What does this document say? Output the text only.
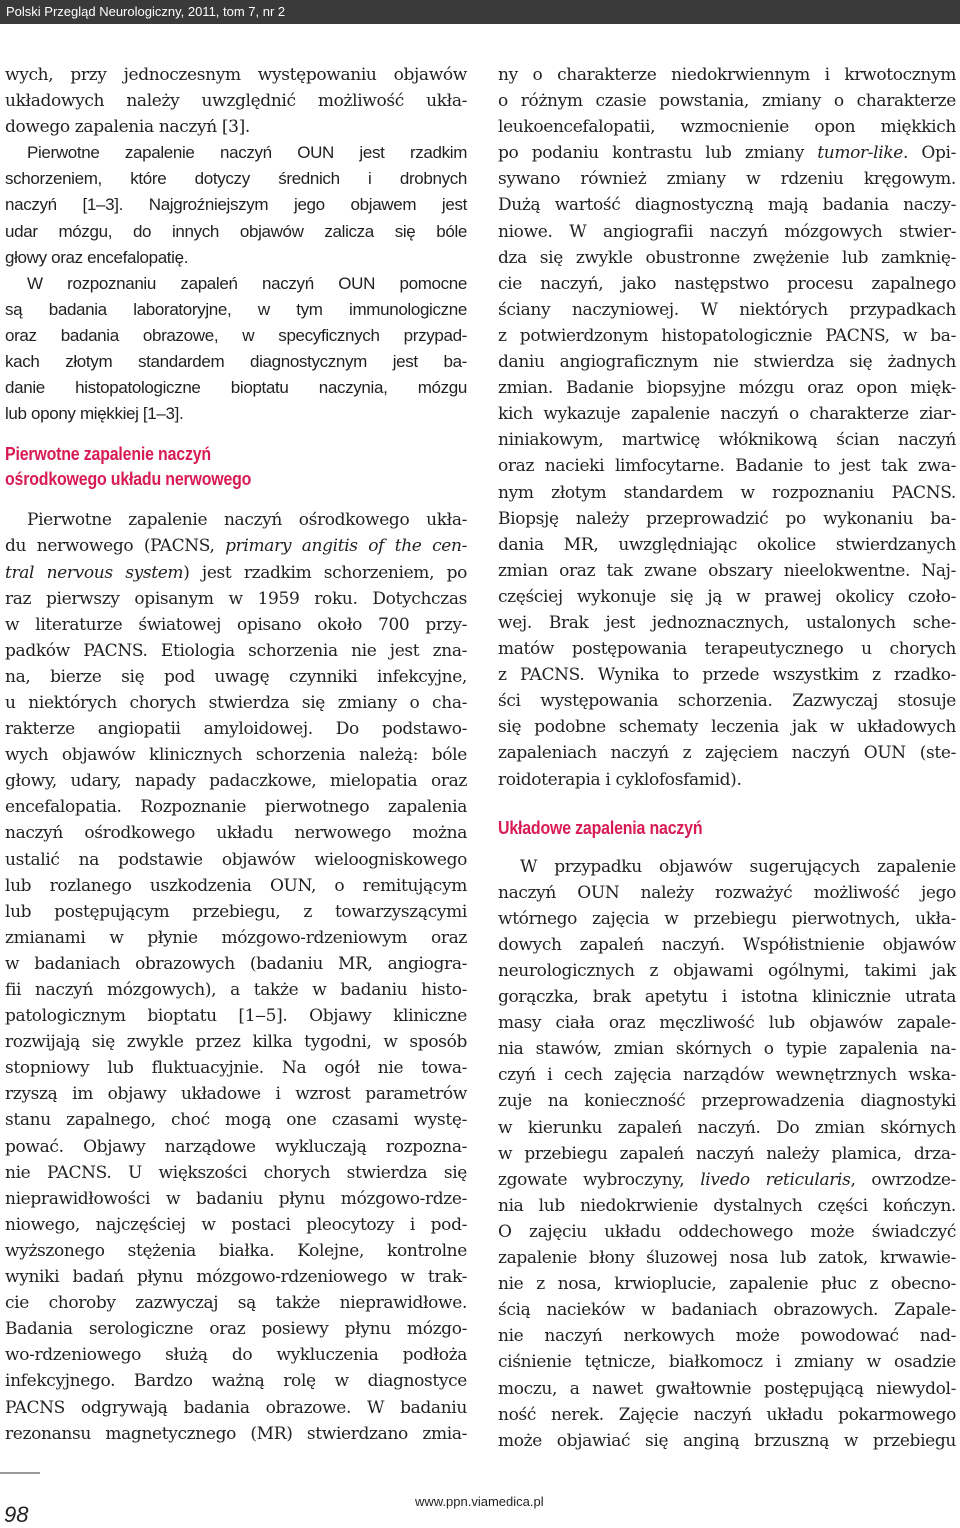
Polski Przegląd Neurologiczny, 2011, tom 7, nr 2
wych, przy jednoczesnym występowaniu objawów
układowych należy uwzględnić możliwość ukła-
dowego zapalenia naczyń [3].
Pierwotne zapalenie naczyń OUN jest rzadkim
schorzeniem, które dotyczy średnich i drobnych
naczyń [1‒3]. Najgroźniejszym jego objawem jest
udar mózgu, do innych objawów zalicza się bóle
głowy oraz encefalopatię.
W rozpoznaniu zapaleń naczyń OUN pomocne
są badania laboratoryjne, w tym immunologiczne
oraz badania obrazowe, w specyficznych przypad-
kach złotym standardem diagnostycznym jest ba-
danie histopatologiczne bioptatu naczynia, mózgu
lub opony miękkiej [1‒3].
Pierwotne zapalenie naczyń
ośrodkowego układu nerwowego
Pierwotne zapalenie naczyń ośrodkowego ukła-
du nerwowego (PACNS, primary angitis of the cen-
tral nervous system) jest rzadkim schorzeniem, po
raz pierwszy opisanym w 1959 roku. Dotychczas
w literaturze światowej opisano około 700 przy-
padków PACNS. Etiologia schorzenia nie jest zna-
na, bierze się pod uwagę czynniki infekcyjne,
u niektórych chorych stwierdza się zmiany o cha-
rakterze angiopatii amyloidowej. Do podstawo-
wych objawów klinicznych schorzenia należą: bóle
głowy, udary, napady padaczkowe, mielopatia oraz
encefalopatia. Rozpoznanie pierwotnego zapalenia
naczyń ośrodkowego układu nerwowego można
ustalić na podstawie objawów wieloogniskowego
lub rozlanego uszkodzenia OUN, o remitującym
lub postępującym przebiegu, z towarzyszącymi
zmianami w płynie mózgowo-rdzeniowym oraz
w badaniach obrazowych (badaniu MR, angiogra-
fii naczyń mózgowych), a także w badaniu histo-
patologicznym bioptatu [1‒5]. Objawy kliniczne
rozwijają się zwykle przez kilka tygodni, w sposób
stopniowy lub fluktuacyjnie. Na ogół nie towa-
rzyszą im objawy układowe i wzrost parametrów
stanu zapalnego, choć mogą one czasami wystę-
pować. Objawy narządowe wykluczają rozpozna-
nie PACNS. U większości chorych stwierdza się
nieprawidłowości w badaniu płynu mózgowo-rdze-
niowego, najczęściej w postaci pleocytozy i pod-
wyższonego stężenia białka. Kolejne, kontrolne
wyniki badań płynu mózgowo-rdzeniowego w trak-
cie choroby zazwyczaj są także nieprawidłowe.
Badania serologiczne oraz posiewy płynu mózgo-
wo-rdzeniowego służą do wykluczenia podłoża
infekcyjnego. Bardzo ważną rolę w diagnostyce
PACNS odgrywają badania obrazowe. W badaniu
rezonansu magnetycznego (MR) stwierdzano zmia-
ny o charakterze niedokrwiennym i krwotocznym
o różnym czasie powstania, zmiany o charakterze
leukoencefalopatii, wzmocnienie opon miękkich
po podaniu kontrastu lub zmiany tumor-like. Opi-
sywano również zmiany w rdzeniu kręgowym.
Dużą wartość diagnostyczną mają badania naczy-
niowe. W angiografii naczyń mózgowych stwier-
dza się zwykle obustronne zwężenie lub zamknię-
cie naczyń, jako następstwo procesu zapalnego
ściany naczyniowej. W niektórych przypadkach
z potwierdzonym histopatologicznie PACNS, w ba-
daniu angiograficznym nie stwierdza się żadnych
zmian. Badanie biopsyjne mózgu oraz opon mięk-
kich wykazuje zapalenie naczyń o charakterze ziar-
niniakowym, martwicę włóknikową ścian naczyń
oraz nacieki limfocytarne. Badanie to jest tak zwa-
nym złotym standardem w rozpoznaniu PACNS.
Biopsję należy przeprowadzić po wykonaniu ba-
dania MR, uwzględniając okolice stwierdzanych
zmian oraz tak zwane obszary nieelokwentne. Naj-
częściej wykonuje się ją w prawej okolicy czoło-
wej. Brak jest jednoznacznych, ustalonych sche-
matów postępowania terapeutycznego u chorych
z PACNS. Wynika to przede wszystkim z rzadko-
ści występowania schorzenia. Zazwyczaj stosuje
się podobne schematy leczenia jak w układowych
zapaleniach naczyń z zajęciem naczyń OUN (ste-
roidoterapia i cyklofosfamid).
Układowe zapalenia naczyń
W przypadku objawów sugerujących zapalenie
naczyń OUN należy rozważyć możliwość jego
wtórnego zajęcia w przebiegu pierwotnych, ukła-
dowych zapaleń naczyń. Współistnienie objawów
neurologicznych z objawami ogólnymi, takimi jak
gorączka, brak apetytu i istotna klinicznie utrata
masy ciała oraz męczliwość lub objawów zapale-
nia stawów, zmian skórnych o typie zapalenia na-
czyń i cech zajęcia narządów wewnętrznych wska-
zuje na konieczność przeprowadzenia diagnostyki
w kierunku zapaleń naczyń. Do zmian skórnych
w przebiegu zapaleń naczyń należy plamica, drza-
zgowate wybroczyny, livedo reticularis, owrzodze-
nia lub niedokrwienie dystalnych części kończyn.
O zajęciu układu oddechowego może świadczyć
zapalenie błony śluzowej nosa lub zatok, krwawie-
nie z nosa, krwioplucie, zapalenie płuc z obecno-
ścią nacieków w badaniach obrazowych. Zapale-
nie naczyń nerkowych może powodować nad-
ciśnienie tętnicze, białkomocz i zmiany w osadzie
moczu, a nawet gwałtownie postępującą niewydol-
ność nerek. Zajęcie naczyń układu pokarmowego
może objawiać się anginą brzuszną w przebiegu
98
www.ppn.viamedica.pl
